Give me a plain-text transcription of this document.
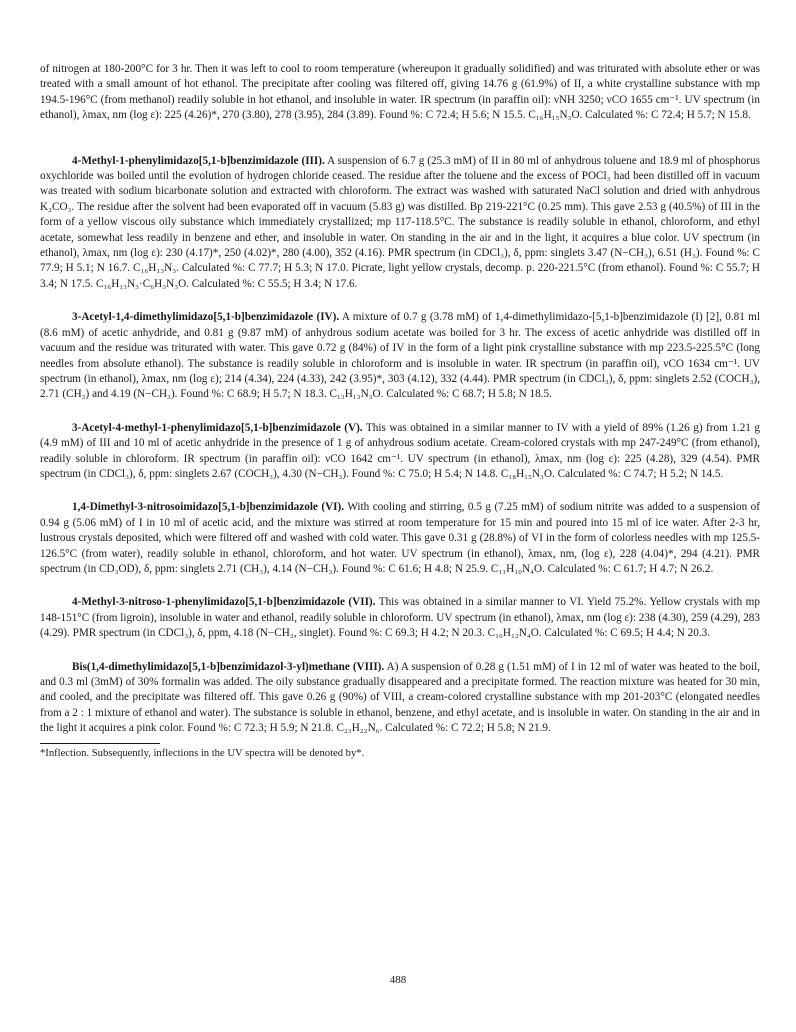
of nitrogen at 180-200°C for 3 hr. Then it was left to cool to room temperature (whereupon it gradually solidified) and was triturated with absolute ether or was treated with a small amount of hot ethanol. The precipitate after cooling was filtered off, giving 14.76 g (61.9%) of II, a white crystalline substance with mp 194.5-196°C (from methanol) readily soluble in hot ethanol, and insoluble in water. IR spectrum (in paraffin oil): νNH 3250; νCO 1655 cm⁻¹. UV spectrum (in ethanol), λmax, nm (log ε): 225 (4.26)*, 270 (3.80), 278 (3.95), 284 (3.89). Found %: C 72.4; H 5.6; N 15.5. C₁₆H₁₅N₃O. Calculated %: C 72.4; H 5.7; N 15.8.

4-Methyl-1-phenylimidazo[5,1-b]benzimidazole (III). A suspension of 6.7 g (25.3 mM) of II in 80 ml of anhydrous toluene and 18.9 ml of phosphorus oxychloride was boiled until the evolution of hydrogen chloride ceased. The residue after the toluene and the excess of POCl₃ had been distilled off in vacuum was treated with sodium bicarbonate solution and extracted with chloroform. The extract was washed with saturated NaCl solution and dried with anhydrous K₂CO₃. The residue after the solvent had been evaporated off in vacuum (5.83 g) was distilled. Bp 219-221°C (0.25 mm). This gave 2.53 g (40.5%) of III in the form of a yellow viscous oily substance which immediately crystallized; mp 117-118.5°C. The substance is readily soluble in ethanol, chloroform, and ethyl acetate, somewhat less readily in benzene and ether, and insoluble in water. On standing in the air and in the light, it acquires a blue color. UV spectrum (in ethanol), λmax, nm (log ε): 230 (4.17)*, 250 (4.02)*, 280 (4.00), 352 (4.16). PMR spectrum (in CDCl₃), δ, ppm: singlets 3.47 (N−CH₃), 6.51 (H₃). Found %: C 77.9; H 5.1; N 16.7. C₁₆H₁₃N₃. Calculated %: C 77.7; H 5.3; N 17.0. Picrate, light yellow crystals, decomp. p. 220-221.5°C (from ethanol). Found %: C 55.7; H 3.4; N 17.5. C₁₆H₁₃N₃·C₆H₃N₃O. Calculated %: C 55.5; H 3.4; N 17.6.

3-Acetyl-1,4-dimethylimidazo[5,1-b]benzimidazole (IV). A mixture of 0.7 g (3.78 mM) of 1,4-dimethylimidazo-[5,1-b]benzimidazole (I) [2], 0.81 ml (8.6 mM) of acetic anhydride, and 0.81 g (9.87 mM) of anhydrous sodium acetate was boiled for 3 hr. The excess of acetic anhydride was distilled off in vacuum and the residue was triturated with water. This gave 0.72 g (84%) of IV in the form of a light pink crystalline substance with mp 223.5-225.5°C (long needles from absolute ethanol). The substance is readily soluble in chloroform and is insoluble in water. IR spectrum (in paraffin oil), νCO 1634 cm⁻¹. UV spectrum (in ethanol), λmax, nm (log ε); 214 (4.34), 224 (4.33), 242 (3.95)*, 303 (4.12), 332 (4.44). PMR spectrum (in CDCl₃), δ, ppm: singlets 2.52 (COCH₃), 2.71 (CH₃) and 4.19 (N−CH₃). Found %: C 68.9; H 5.7; N 18.3. C₁₃H₁₃N₃O. Calculated %: C 68.7; H 5.8; N 18.5.

3-Acetyl-4-methyl-1-phenylimidazo[5,1-b]benzimidazole (V). This was obtained in a similar manner to IV with a yield of 89% (1.26 g) from 1.21 g (4.9 mM) of III and 10 ml of acetic anhydride in the presence of 1 g of anhydrous sodium acetate. Cream-colored crystals with mp 247-249°C (from ethanol), readily soluble in chloroform. IR spectrum (in paraffin oil): νCO 1642 cm⁻¹. UV spectrum (in ethanol), λmax, nm (log ε): 225 (4.28), 329 (4.54). PMR spectrum (in CDCl₃), δ, ppm: singlets 2.67 (COCH₃), 4.30 (N−CH₃). Found %: C 75.0; H 5.4; N 14.8. C₁₈H₁₅N₃O. Calculated %: C 74.7; H 5.2; N 14.5.

1,4-Dimethyl-3-nitrosoimidazo[5,1-b]benzimidazole (VI). With cooling and stirring, 0.5 g (7.25 mM) of sodium nitrite was added to a suspension of 0.94 g (5.06 mM) of I in 10 ml of acetic acid, and the mixture was stirred at room temperature for 15 min and poured into 15 ml of ice water. After 2-3 hr, lustrous crystals deposited, which were filtered off and washed with cold water. This gave 0.31 g (28.8%) of VI in the form of colorless needles with mp 125.5-126.5°C (from water), readily soluble in ethanol, chloroform, and hot water. UV spectrum (in ethanol), λmax, nm, (log ε), 228 (4.04)*, 294 (4.21). PMR spectrum (in CD₃OD), δ, ppm: singlets 2.71 (CH₃), 4.14 (N−CH₃). Found %: C 61.6; H 4.8; N 25.9. C₁₁H₁₀N₄O. Calculated %: C 61.7; H 4.7; N 26.2.

4-Methyl-3-nitroso-1-phenylimidazo[5,1-b]benzimidazole (VII). This was obtained in a similar manner to VI. Yield 75.2%. Yellow crystals with mp 148-151°C (from ligroin), insoluble in water and ethanol, readily soluble in chloroform. UV spectrum (in ethanol), λmax, nm (log ε): 238 (4.30), 259 (4.29), 283 (4.29). PMR spectrum (in CDCl₃), δ, ppm, 4.18 (N−CH₃, singlet). Found %: C 69.3; H 4.2; N 20.3. C₁₆H₁₂N₄O. Calculated %: C 69.5; H 4.4; N 20.3.

Bis(1,4-dimethylimidazo[5,1-b]benzimidazol-3-yl)methane (VIII). A) A suspension of 0.28 g (1.51 mM) of I in 12 ml of water was heated to the boil, and 0.3 ml (3mM) of 30% formalin was added. The oily substance gradually disappeared and a precipitate formed. The reaction mixture was heated for 30 min, and cooled, and the precipitate was filtered off. This gave 0.26 g (90%) of VIII, a cream-colored crystalline substance with mp 201-203°C (elongated needles from a 2 : 1 mixture of ethanol and water). The substance is soluble in ethanol, benzene, and ethyl acetate, and is insoluble in water. On standing in the air and in the light it acquires a pink color. Found %: C 72.3; H 5.9; N 21.8. C₂₃H₂₂N₆. Calculated %: C 72.2; H 5.8; N 21.9.

*Inflection. Subsequently, inflections in the UV spectra will be denoted by*.

488
